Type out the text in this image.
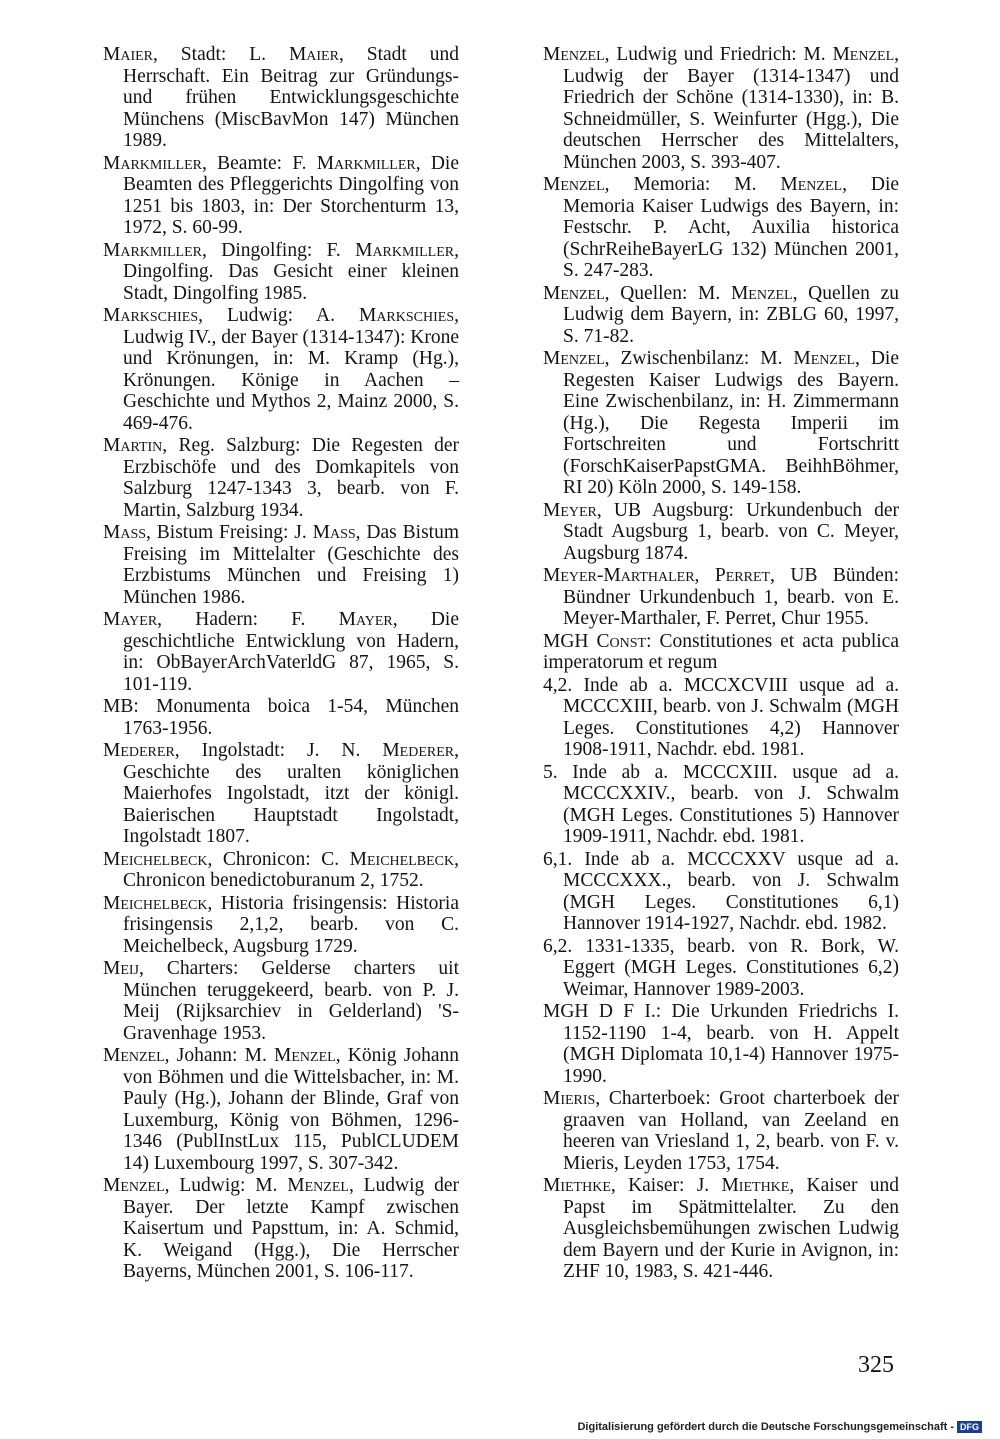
Maier, Stadt: L. Maier, Stadt und Herrschaft. Ein Beitrag zur Gründungs- und frühen Entwicklungsgeschichte Münchens (MiscBavMon 147) München 1989.

Markmiller, Beamte: F. Markmiller, Die Beamten des Pfleggerichts Dingolfing von 1251 bis 1803, in: Der Storchenturm 13, 1972, S. 60-99.

Markmiller, Dingolfing: F. Markmiller, Dingolfing. Das Gesicht einer kleinen Stadt, Dingolfing 1985.

Markschies, Ludwig: A. Markschies, Ludwig IV., der Bayer (1314-1347): Krone und Krönungen, in: M. Kramp (Hg.), Krönungen. Könige in Aachen – Geschichte und Mythos 2, Mainz 2000, S. 469-476.

Martin, Reg. Salzburg: Die Regesten der Erzbischöfe und des Domkapitels von Salzburg 1247-1343 3, bearb. von F. Martin, Salzburg 1934.

Mass, Bistum Freising: J. Mass, Das Bistum Freising im Mittelalter (Geschichte des Erzbistums München und Freising 1) München 1986.

Mayer, Hadern: F. Mayer, Die geschichtliche Entwicklung von Hadern, in: ObBayerArchVaterldG 87, 1965, S. 101-119.

MB: Monumenta boica 1-54, München 1763-1956.

Mederer, Ingolstadt: J. N. Mederer, Geschichte des uralten königlichen Maierhofes Ingolstadt, itzt der königl. Baierischen Hauptstadt Ingolstadt, Ingolstadt 1807.

Meichelbeck, Chronicon: C. Meichelbeck, Chronicon benedictoburanum 2, 1752.

Meichelbeck, Historia frisingensis: Historia frisingensis 2,1,2, bearb. von C. Meichelbeck, Augsburg 1729.

Meij, Charters: Gelderse charters uit München teruggekeerd, bearb. von P. J. Meij (Rijksarchiev in Gelderland) 'S-Gravenhage 1953.

Menzel, Johann: M. Menzel, König Johann von Böhmen und die Wittelsbacher, in: M. Pauly (Hg.), Johann der Blinde, Graf von Luxemburg, König von Böhmen, 1296-1346 (PublInstLux 115, PublCLUDEM 14) Luxembourg 1997, S. 307-342.

Menzel, Ludwig: M. Menzel, Ludwig der Bayer. Der letzte Kampf zwischen Kaisertum und Papsttum, in: A. Schmid, K. Weigand (Hgg.), Die Herrscher Bayerns, München 2001, S. 106-117.

Menzel, Ludwig und Friedrich: M. Menzel, Ludwig der Bayer (1314-1347) und Friedrich der Schöne (1314-1330), in: B. Schneidmüller, S. Weinfurter (Hgg.), Die deutschen Herrscher des Mittelalters, München 2003, S. 393-407.

Menzel, Memoria: M. Menzel, Die Memoria Kaiser Ludwigs des Bayern, in: Festschr. P. Acht, Auxilia historica (SchrReiheBayerLG 132) München 2001, S. 247-283.

Menzel, Quellen: M. Menzel, Quellen zu Ludwig dem Bayern, in: ZBLG 60, 1997, S. 71-82.

Menzel, Zwischenbilanz: M. Menzel, Die Regesten Kaiser Ludwigs des Bayern. Eine Zwischenbilanz, in: H. Zimmermann (Hg.), Die Regesta Imperii im Fortschreiten und Fortschritt (ForschKaiserPapstGMA. BeihhBöhmer, RI 20) Köln 2000, S. 149-158.

Meyer, UB Augsburg: Urkundenbuch der Stadt Augsburg 1, bearb. von C. Meyer, Augsburg 1874.

Meyer-Marthaler, Perret, UB Bünden: Bündner Urkundenbuch 1, bearb. von E. Meyer-Marthaler, F. Perret, Chur 1955.

MGH Const: Constitutiones et acta publica imperatorum et regum

4,2. Inde ab a. MCCXCVIII usque ad a. MCCCXIII, bearb. von J. Schwalm (MGH Leges. Constitutiones 4,2) Hannover 1908-1911, Nachdr. ebd. 1981.

5. Inde ab a. MCCCXIII. usque ad a. MCCCXXIV., bearb. von J. Schwalm (MGH Leges. Constitutiones 5) Hannover 1909-1911, Nachdr. ebd. 1981.

6,1. Inde ab a. MCCCXXV usque ad a. MCCCXXX., bearb. von J. Schwalm (MGH Leges. Constitutiones 6,1) Hannover 1914-1927, Nachdr. ebd. 1982.

6,2. 1331-1335, bearb. von R. Bork, W. Eggert (MGH Leges. Constitutiones 6,2) Weimar, Hannover 1989-2003.

MGH D F I.: Die Urkunden Friedrichs I. 1152-1190 1-4, bearb. von H. Appelt (MGH Diplomata 10,1-4) Hannover 1975-1990.

Mieris, Charterboek: Groot charterboek der graaven van Holland, van Zeeland en heeren van Vriesland 1, 2, bearb. von F. v. Mieris, Leyden 1753, 1754.

Miethke, Kaiser: J. Miethke, Kaiser und Papst im Spätmittelalter. Zu den Ausgleichsbemühungen zwischen Ludwig dem Bayern und der Kurie in Avignon, in: ZHF 10, 1983, S. 421-446.

325
Digitalisierung gefördert durch die Deutsche Forschungsgemeinschaft - DFG
